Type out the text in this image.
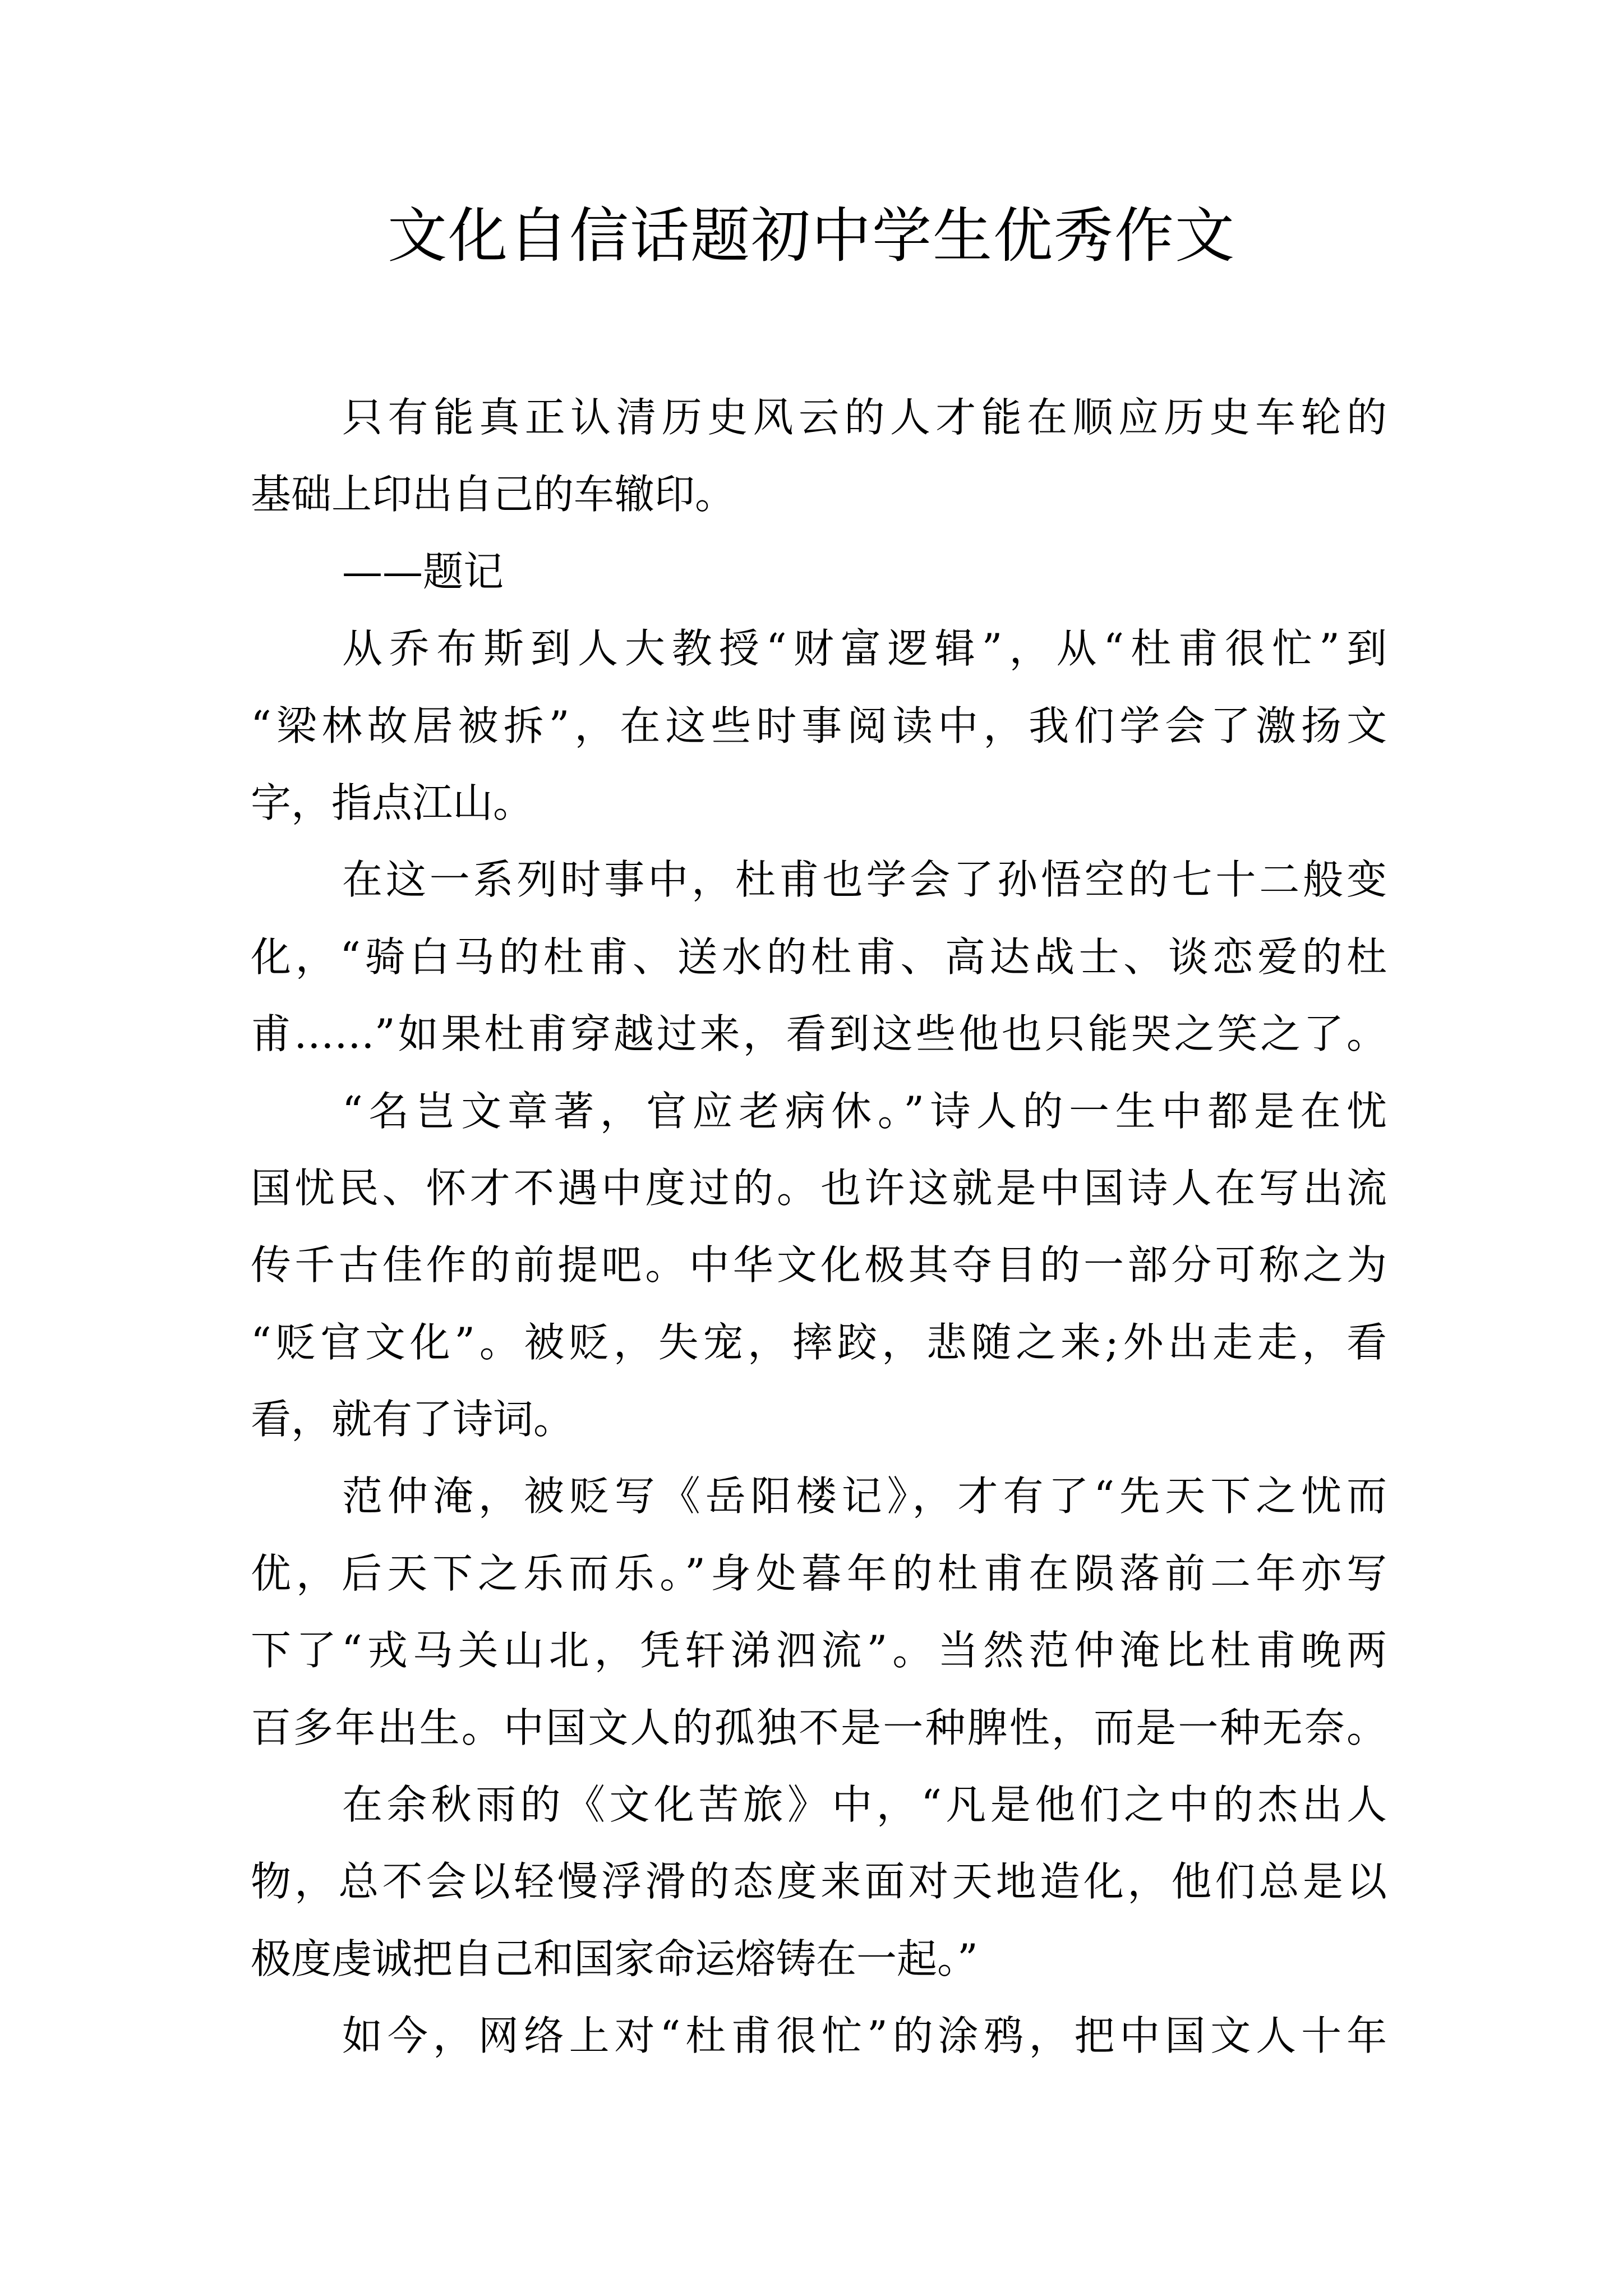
文化自信话题初中学生优秀作文
只有能真正认清历史风云的人才能在顺应历史车轮的
基础上印出自己的车辙印。
——题记
从乔布斯到人大教授“财富逻辑”，从“杜甫很忙”到
“梁林故居被拆”，在这些时事阅读中，我们学会了激扬文
字，指点江山。
在这一系列时事中，杜甫也学会了孙悟空的七十二般变
化，“骑白马的杜甫、送水的杜甫、高达战士、谈恋爱的杜
甫……”如果杜甫穿越过来，看到这些他也只能哭之笑之了。
“名岂文章著，官应老病休。”诗人的一生中都是在忧
国忧民、怀才不遇中度过的。也许这就是中国诗人在写出流
传千古佳作的前提吧。中华文化极其夺目的一部分可称之为
“贬官文化”。被贬，失宠，摔跤，悲随之来;外出走走，看
看，就有了诗词。
范仲淹，被贬写《岳阳楼记》，才有了“先天下之忧而
优，后天下之乐而乐。”身处暮年的杜甫在陨落前二年亦写
下了“戎马关山北，凭轩涕泗流”。当然范仲淹比杜甫晚两
百多年出生。中国文人的孤独不是一种脾性，而是一种无奈。
在余秋雨的《文化苦旅》中，“凡是他们之中的杰出人
物，总不会以轻慢浮滑的态度来面对天地造化，他们总是以
极度虔诚把自己和国家命运熔铸在一起。”
如今，网络上对“杜甫很忙”的涂鸦，把中国文人十年
